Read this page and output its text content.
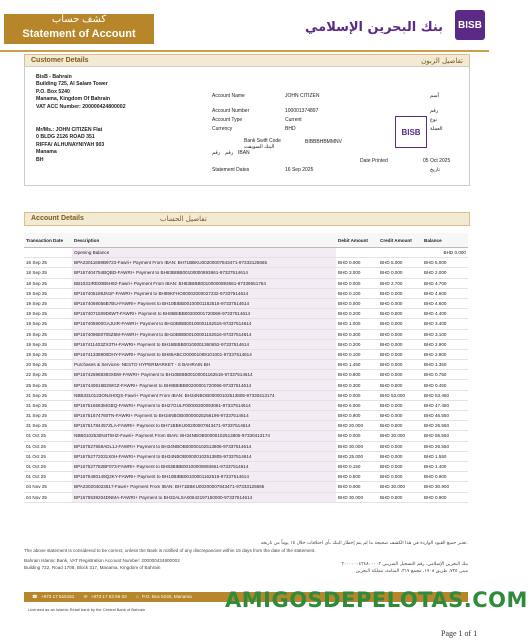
كشف حساب
Statement of Account	بنك البحرين الإسلامي	BISB
Customer Details	تفاصيل الزبون
BisB - Bahrain
Building 725, Al Salam Tower
P.O. Box 5240
Manama, Kingdom Of Bahrain
VAT ACC Number: 200000424800002
Mr/Ms.: JOHN CITIZEN Flat
0 BLDG 2126 ROAD 351
RIFFA/ ALHUNAYNIYAH 903
Manama
BH
Account Name	JOHN CITIZEN	أسم
Account Number	100001374897	رقم
Account Type	Current	نوع
Currency	BHD	العملة
Bank Swift Code
البنك السويفت
BIBBBHBMMNV
رقم رقم IBAN
BISB
Date Printed	05 Oct 2025
Statement Dates	16 Sep 2025	تاريخ
Account Details	تفاصيل الحساب
Transaction Date	Description	Debit Amount	Credit Amount	Balance
	Opening Balance			BHD 0.000
16 Sep 25	BPA23011669B9723-Fawri+ Payment From IBAN: BH71BBKU00200007843471-97333125665	BHD 0.000	BHD 5.000	BHD 5.000
18 Sep 25	BP167404754BQBD-FAWRI+ Payment to BH83BIBB00100000893661-97337514614	BHD 3.000	BHD 0.000	BHD 2.000
18 Sep 25	BB1031IRE00B5H92-Fawri+ Payment From IBAN: BH83BIBB00100000893661-97339551764	BHD 0.000	BHD 2.700	BHD 4.700
19 Sep 25	BP167405189JN1F-FAWRI+ Payment to BH89KFHO00002000027232-97337514614	BHD 0.100	BHD 0.000	BHD 4.600
19 Sep 25	BP1674069056B7BU-FAWRI+ Payment to BH10BIBB00100001162516-97337514614	BHD 0.000	BHD 0.000	BHD 4.600
19 Sep 25	BP1674071509D6WT-FAWRI+ Payment to BH85BIBB00200001720066-97337514614	BHD 0.200	BHD 0.000	BHD 4.400
19 Sep 25	BP167405900GAJUIR-FAWRI+ Payment to BH10BIBB00100001162516-97337514614	BHD 1.000	BHD 0.000	BHD 3.400
19 Sep 25	BP167409650705Z5M-FAWRI+ Payment to BH10BIBB00100001162516-97337514614	BHD 0.300	BHD 0.000	BHD 3.100
19 Sep 25	BP167411403ZX3TH-FAWRI+ Payment to BH16BIBB00100001360652-97337514614	BHD 0.200	BHD 0.000	BHD 2.900
19 Sep 25	BP16741338900DHY-FAWRI+ Payment to BH86ABCO00001069101001-97337514614	BHD 0.100	BHD 0.000	BHD 2.800
20 Sep 25	Purchases & Services- NESTO HYPERMARKET - S BAHRAIN BH	BHD 1.450	BHD 0.000	BHD 1.350
22 Sep 25	BP167425988393XBW-FAWRI+ Payment to BH10BIBB00100001162516-97337514614	BHD 0.600	BHD 0.000	BHD 0.750
25 Sep 25	BP167440616B3WGZ-FAWRI+ Payment to BH85BIBB00200001720066-97337514614	BHD 0.300	BHD 0.000	BHD 0.450
31 Sep 25	NBB3310123ON4H0QS-Fawri+ Payment From IBAN: BH34NBOB00000102513805-97330413174	BHD 0.000	BHD 53.000	BHD 53.450
31 Sep 25	BP167516663MGBQ-FAWRI+ Payment to BH27GULF00000300093061-97337514614	BHD 6.000	BHD 0.000	BHD 47.450
31 Sep 25	BP16751674760TN-FAWRI+ Payment to BH34NBOB00000025256196-97337514614	BHD 0.900	BHD 0.000	BHD 46.550
31 Sep 25	BP16751784457ZLA-FAWRI+ Payment to BH71BBKU00200007843471-97337514614	BHD 20.000	BHD 0.000	BHD 26.550
01 Oct 25	NBB0102530N4T8HZ-Fawri+ Payment From IBAN: BH34NBOB00000102513805-97330413174	BHD 0.000	BHD 30.000	BHD 56.550
01 Oct 25	BP167527558ADL1J-FAWRI+ Payment to BH34NBOB00000102513805-97337514614	BHD 30.000	BHD 0.000	BHD 26.550
01 Oct 25	BP16752772031X0H-FAWRI+ Payment to BH34NBOB00000102513805-97337514614	BHD 25.000	BHD 0.000	BHD 1.550
01 Oct 25	BP167527782BF073-FAWRI+ Payment to BH83BIBB00100000893661-97337514614	BHD 0.150	BHD 0.000	BHD 1.400
01 Oct 25	BP1675480149Q2KY-FAWRI+ Payment to BH10BIBB00100001162516-97337514614	BHD 0.500	BHD 0.000	BHD 0.900
04 Nov 25	BPA230204023617-Fawri+ Payment From IBAN: BH71BBKU00200007843471-97333125665	BHD 0.000	BHD 30.000	BHD 30.900
04 Nov 25	BP1675539204DNMA-FAWRI+ Payment to BH32ALSA00642197150000-97337514614	BHD 30.000	BHD 0.000	BHD 0.900
تعتبر جميع القيود الواردة في هذا الكشف صحيحة ما لم يتم إخطار البنك بأي اختلافات خلال ١٥ يوماً من تاريخه.
The above statement is considered to be correct, unless the Bank is notified of any discrepancies within 15 days from the date of the statement.
بنك البحرين الإسلامي، رقم التسجيل الضريبي ٢٠٠٠٠٠٠٤٢٤٨٠٠٠٠٢
Bahrain Islamic Bank, VAT Registration Account Number: 200000424800002
مبنى ٧٢٥، طريق ١٧٠٨، مجمع ٣١٧، المنامة، مملكة البحرين
Building 722, Road 1708, Block 317, Manama, Kingdom of Bahrain
☎ +973 17 515151 ✉ +973 17 53 56 03 ⌂ P.O. Box 5240, Manama
Licensed as an Islamic Retail bank by the Central Bank of Bahrain	AMIGOSDEPELOTAS.COM
Page 1 of 1
